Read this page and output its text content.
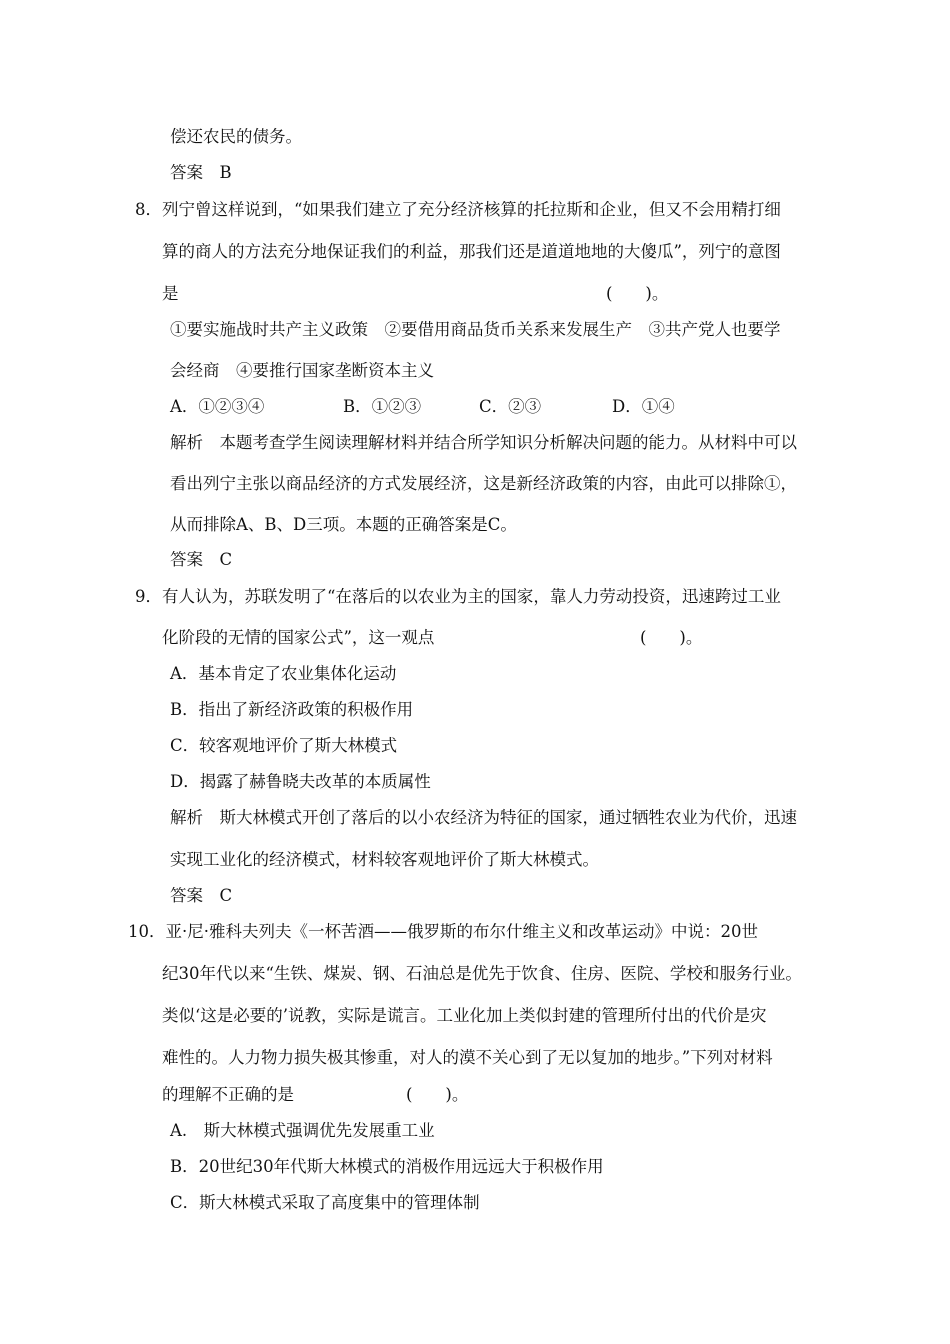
偿还农民的债务。
答案　B
8．列宁曾这样说到，“如果我们建立了充分经济核算的托拉斯和企业，但又不会用精打细
算的商人的方法充分地保证我们的利益，那我们还是道道地地的大傻瓜”，列宁的意图
是	(　　)。
①要实施战时共产主义政策　②要借用商品货币关系来发展生产　③共产党人也要学
会经商　④要推行国家垄断资本主义
A．①②③④	B．①②③	C．②③	D．①④
解析　本题考查学生阅读理解材料并结合所学知识分析解决问题的能力。从材料中可以
看出列宁主张以商品经济的方式发展经济，这是新经济政策的内容，由此可以排除①，
从而排除A、B、D三项。本题的正确答案是C。
答案　C
9．有人认为，苏联发明了“在落后的以农业为主的国家，靠人力劳动投资，迅速跨过工业
化阶段的无情的国家公式”，这一观点	(　　)。
A．基本肯定了农业集体化运动
B．指出了新经济政策的积极作用
C．较客观地评价了斯大林模式
D．揭露了赫鲁晓夫改革的本质属性
解析　斯大林模式开创了落后的以小农经济为特征的国家，通过牺牲农业为代价，迅速
实现工业化的经济模式，材料较客观地评价了斯大林模式。
答案　C
10．亚·尼·雅科夫列夫《一杯苦酒——俄罗斯的布尔什维主义和改革运动》中说：20世
纪30年代以来“生铁、煤炭、钢、石油总是优先于饮食、住房、医院、学校和服务行业。
类似‘这是必要的’说教，实际是谎言。工业化加上类似封建的管理所付出的代价是灾
难性的。人力物力损失极其惨重，对人的漠不关心到了无以复加的地步。”下列对材料
的理解不正确的是	(　　)。
A.　斯大林模式强调优先发展重工业
B．20世纪30年代斯大林模式的消极作用远远大于积极作用
C．斯大林模式采取了高度集中的管理体制
